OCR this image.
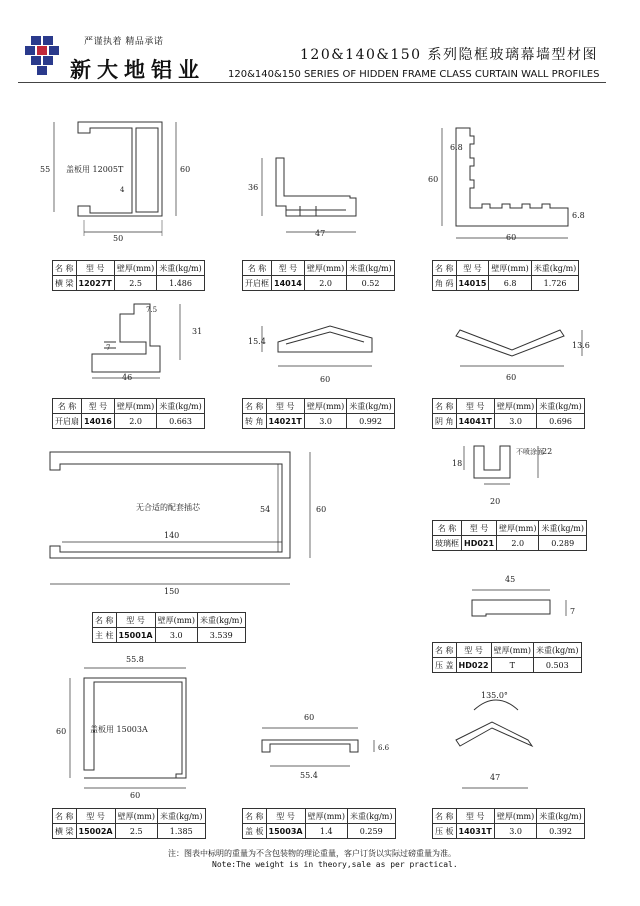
严谨执着 精品承诺
新大地铝业
120&140&150 系列隐框玻璃幕墙型材图
120&140&150 SERIES OF HIDDEN FRAME CLASS CURTAIN WALL PROFILES
55	60
4
50
盖板用 12005T
36
47
6.8
60
60
6.8
7.5
7
31
46
15.4
60
13.6
60
54	60
140
150
无合适的配套插芯
18
22
20
不喷涂面
45
7
55.8
60
60
盖板用 15003A
60
6.6
55.4
135.0°
47
名 称	型 号	壁厚(mm)	米重(kg/m)
横 梁	12027T	2.5	1.486
名 称	型 号	壁厚(mm)	米重(kg/m)
开启框	14014	2.0	0.52
名 称	型 号	壁厚(mm)	米重(kg/m)
角 码	14015	6.8	1.726
名 称	型 号	壁厚(mm)	米重(kg/m)
开启扇	14016	2.0	0.663
名 称	型 号	壁厚(mm)	米重(kg/m)
转 角	14021T	3.0	0.992
名 称	型 号	壁厚(mm)	米重(kg/m)
阴 角	14041T	3.0	0.696
名 称	型 号	壁厚(mm)	米重(kg/m)
玻璃框	HD021	2.0	0.289
名 称	型 号	壁厚(mm)	米重(kg/m)
主 柱	15001A	3.0	3.539
名 称	型 号	壁厚(mm)	米重(kg/m)
压 盖	HD022	T	0.503
名 称	型 号	壁厚(mm)	米重(kg/m)
横 梁	15002A	2.5	1.385
名 称	型 号	壁厚(mm)	米重(kg/m)
盖 板	15003A	1.4	0.259
名 称	型 号	壁厚(mm)	米重(kg/m)
压 板	14031T	3.0	0.392
注：图表中标明的重量为不含包装物的理论重量，客户订货以实际过磅重量为准。
Note:The weight is in theory,sale as per practical.
